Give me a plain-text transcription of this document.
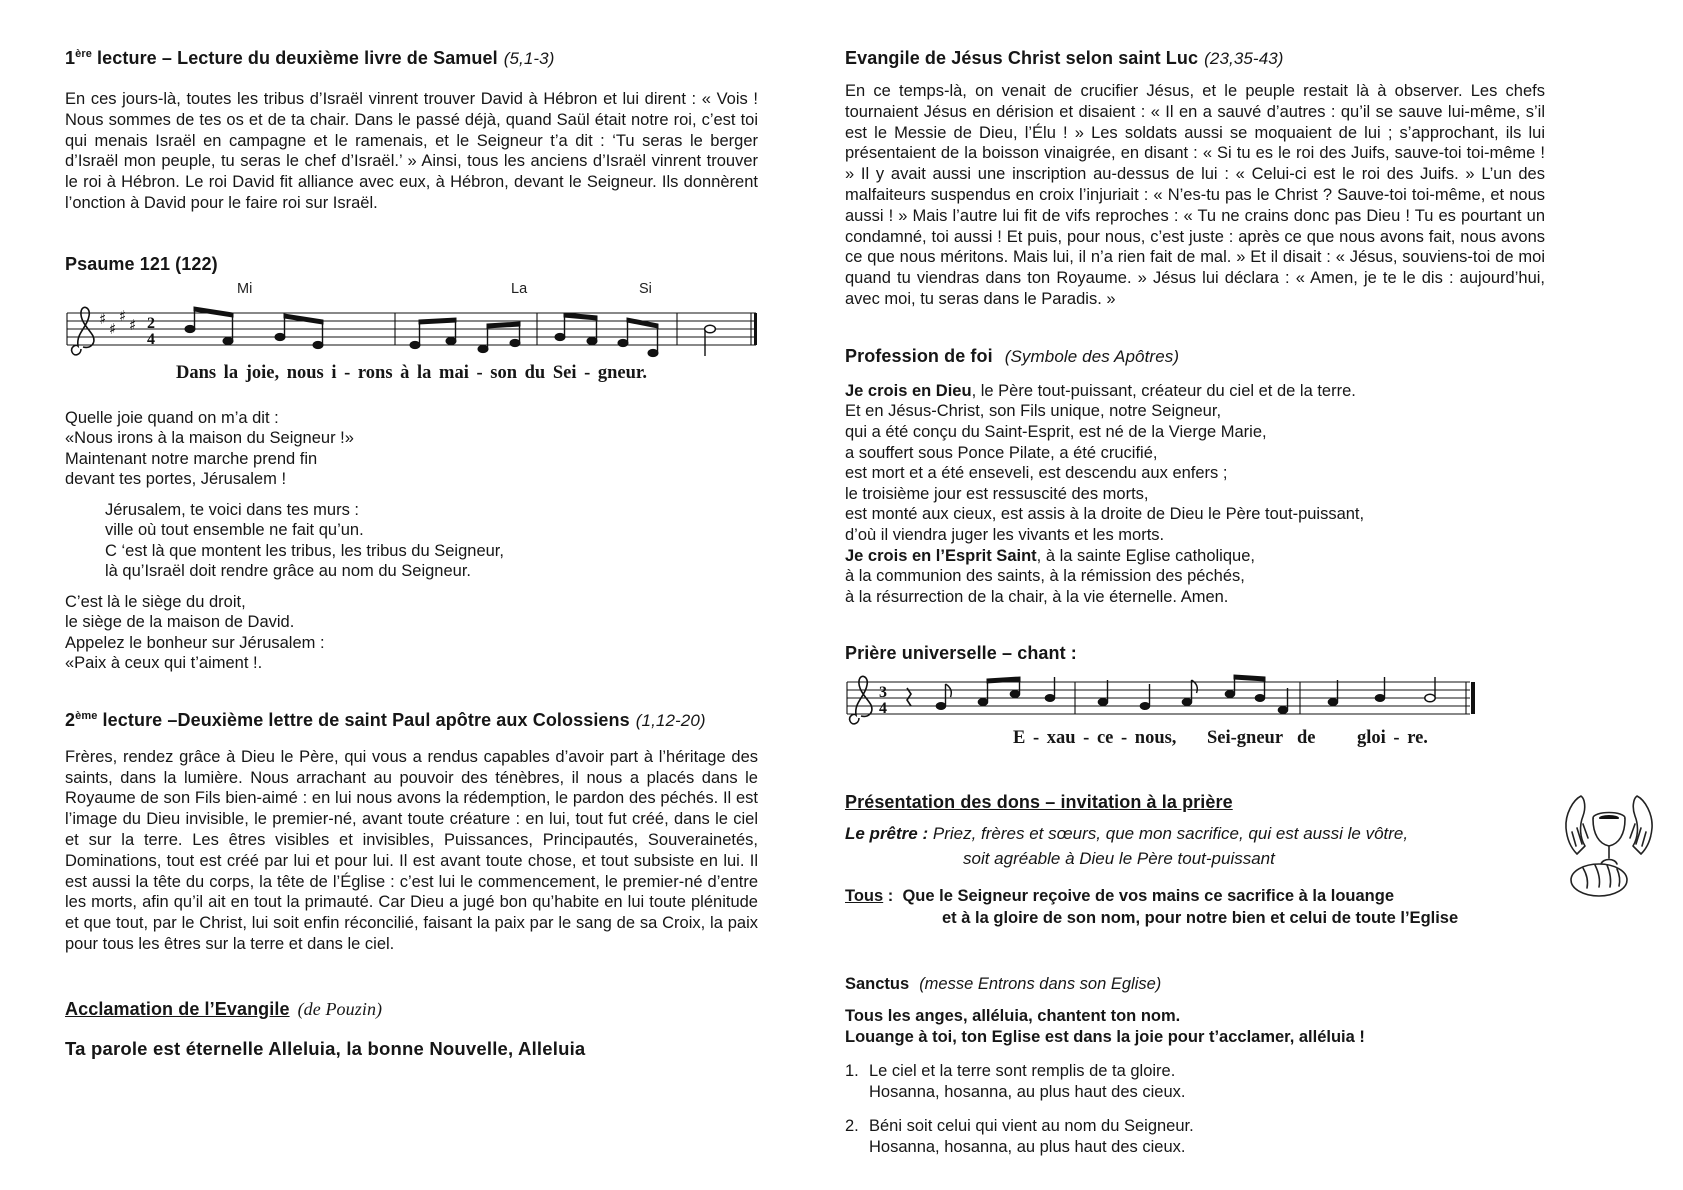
1ère lecture – Lecture du deuxième livre de Samuel (5,1-3)
En ces jours-là, toutes les tribus d’Israël vinrent trouver David à Hébron et lui dirent : « Vois ! Nous sommes de tes os et de ta chair. Dans le passé déjà, quand Saül était notre roi, c’est toi qui menais Israël en campagne et le ramenais, et le Seigneur t’a dit : ‘Tu seras le berger d’Israël mon peuple, tu seras le chef d’Israël.’ » Ainsi, tous les anciens d’Israël vinrent trouver le roi à Hébron. Le roi David fit alliance avec eux, à Hébron, devant le Seigneur. Ils donnèrent l’onction à David pour le faire roi sur Israël.
Psaume 121 (122)
Mi	La	Si
♯
♯
♯ ♯ 2
4
Dans la joie, nous i - rons à la mai - son du Sei - gneur.
Quelle joie quand on m’a dit :
«Nous irons à la maison du Seigneur !»
Maintenant notre marche prend fin
devant tes portes, Jérusalem !
Jérusalem, te voici dans tes murs :
ville où tout ensemble ne fait qu’un.
C ‘est là que montent les tribus, les tribus du Seigneur,
là qu’Israël doit rendre grâce au nom du Seigneur.
C’est là le siège du droit,
le siège de la maison de David.
Appelez le bonheur sur Jérusalem :
«Paix à ceux qui t’aiment !.
2ème lecture –Deuxième lettre de saint Paul apôtre aux Colossiens (1,12-20)
Frères, rendez grâce à Dieu le Père, qui vous a rendus capables d’avoir part à l’héritage des saints, dans la lumière. Nous arrachant au pouvoir des ténèbres, il nous a placés dans le Royaume de son Fils bien-aimé : en lui nous avons la rédemption, le pardon des péchés. Il est l’image du Dieu invisible, le premier-né, avant toute créature : en lui, tout fut créé, dans le ciel et sur la terre. Les êtres visibles et invisibles, Puissances, Principautés, Souverainetés, Dominations, tout est créé par lui et pour lui. Il est avant toute chose, et tout subsiste en lui. Il est aussi la tête du corps, la tête de l’Église : c’est lui le commencement, le premier-né d’entre les morts, afin qu’il ait en tout la primauté. Car Dieu a jugé bon qu’habite en lui toute plénitude et que tout, par le Christ, lui soit enfin réconcilié, faisant la paix par le sang de sa Croix, la paix pour tous les êtres sur la terre et dans le ciel.
Acclamation de l’Evangile (de Pouzin)
Ta parole est éternelle Alleluia, la bonne Nouvelle, Alleluia
Evangile de Jésus Christ selon saint Luc (23,35-43)
En ce temps-là, on venait de crucifier Jésus, et le peuple restait là à observer. Les chefs tournaient Jésus en dérision et disaient : « Il en a sauvé d’autres : qu’il se sauve lui-même, s’il est le Messie de Dieu, l’Élu ! » Les soldats aussi se moquaient de lui ; s’approchant, ils lui présentaient de la boisson vinaigrée, en disant : « Si tu es le roi des Juifs, sauve-toi toi-même ! » Il y avait aussi une inscription au-dessus de lui : « Celui-ci est le roi des Juifs. » L’un des malfaiteurs suspendus en croix l’injuriait : « N’es-tu pas le Christ ? Sauve-toi toi-même, et nous aussi ! » Mais l’autre lui fit de vifs reproches : « Tu ne crains donc pas Dieu ! Tu es pourtant un condamné, toi aussi ! Et puis, pour nous, c’est juste : après ce que nous avons fait, nous avons ce que nous méritons. Mais lui, il n’a rien fait de mal. » Et il disait : « Jésus, souviens-toi de moi quand tu viendras dans ton Royaume. » Jésus lui déclara : « Amen, je te le dis : aujourd’hui, avec moi, tu seras dans le Paradis. »
Profession de foi (Symbole des Apôtres)
Je crois en Dieu, le Père tout-puissant, créateur du ciel et de la terre.
Et en Jésus-Christ, son Fils unique, notre Seigneur,
qui a été conçu du Saint-Esprit, est né de la Vierge Marie,
a souffert sous Ponce Pilate, a été crucifié,
est mort et a été enseveli, est descendu aux enfers ;
le troisième jour est ressuscité des morts,
est monté aux cieux, est assis à la droite de Dieu le Père tout-puissant,
d’où il viendra juger les vivants et les morts.
Je crois en l’Esprit Saint, à la sainte Eglise catholique,
à la communion des saints, à la rémission des péchés,
à la résurrection de la chair, à la vie éternelle. Amen.
Prière universelle – chant :
3
4
E - xau - ce - nous, Sei-gneur de gloi - re.
Présentation des dons – invitation à la prière
Le prêtre : Priez, frères et sœurs, que mon sacrifice, qui est aussi le vôtre,
soit agréable à Dieu le Père tout-puissant
Tous : Que le Seigneur reçoive de vos mains ce sacrifice à la louange
et à la gloire de son nom, pour notre bien et celui de toute l’Eglise
Sanctus (messe Entrons dans son Eglise)
Tous les anges, alléluia, chantent ton nom.
Louange à toi, ton Eglise est dans la joie pour t’acclamer, alléluia !
1. Le ciel et la terre sont remplis de ta gloire.
Hosanna, hosanna, au plus haut des cieux.
2. Béni soit celui qui vient au nom du Seigneur.
Hosanna, hosanna, au plus haut des cieux.
